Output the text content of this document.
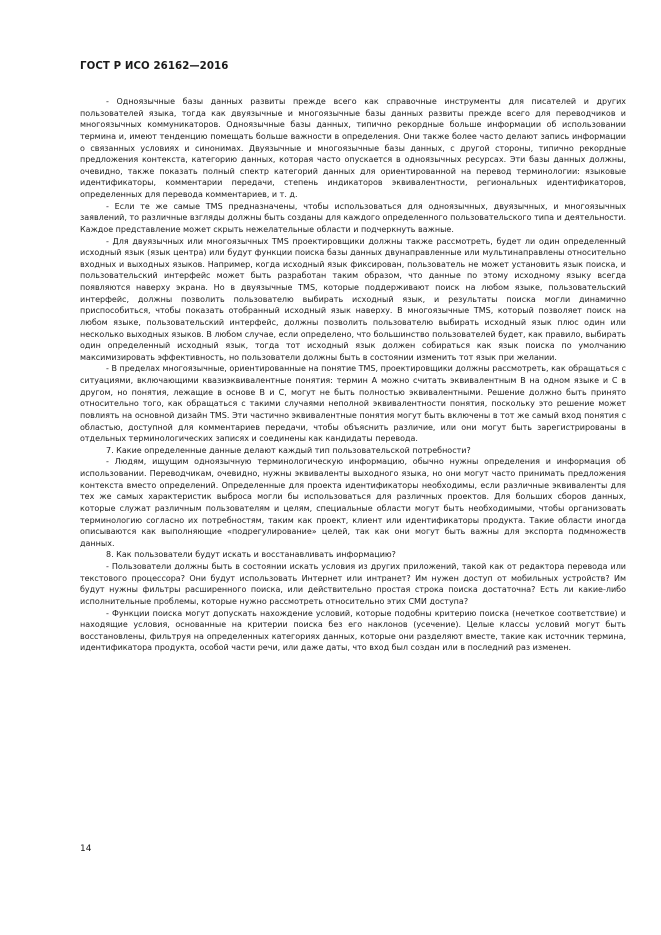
ГОСТ Р ИСО 26162—2016

- Одноязычные базы данных развиты прежде всего как справочные инструменты для писателей и других пользователей языка, тогда как двуязычные и многоязычные базы данных развиты прежде всего для переводчиков и многоязычных коммуникаторов. Одноязычные базы данных, типично рекордные больше информации об использовании термина и, имеют тенденцию помещать больше важности в определения. Они также более часто делают запись информации о связанных условиях и синонимах. Двуязычные и многоязычные базы данных, с другой стороны, типично рекордные предложения контекста, категорию данных, которая часто опускается в одноязычных ресурсах. Эти базы данных должны, очевидно, также показать полный спектр категорий данных для ориентированной на перевод терминологии: языковые идентификаторы, комментарии передачи, степень индикаторов эквивалентности, региональных идентификаторов, определенных для перевода комментариев, и т. д.

- Если те же самые TMS предназначены, чтобы использоваться для одноязычных, двуязычных, и многоязычных заявлений, то различные взгляды должны быть созданы для каждого определенного пользовательского типа и деятельности. Каждое представление может скрыть нежелательные области и подчеркнуть важные.

- Для двуязычных или многоязычных TMS проектировщики должны также рассмотреть, будет ли один определенный исходный язык (язык центра) или будут функции поиска базы данных двунаправленные или мультинаправлены относительно входных и выходных языков. Например, когда исходный язык фиксирован, пользователь не может установить язык поиска, и пользовательский интерфейс может быть разработан таким образом, что данные по этому исходному языку всегда появляются наверху экрана. Но в двуязычные TMS, которые поддерживают поиск на любом языке, пользовательский интерфейс, должны позволить пользователю выбирать исходный язык, и результаты поиска могли динамично приспособиться, чтобы показать отобранный исходный язык наверху. В многоязычные TMS, который позволяет поиск на любом языке, пользовательский интерфейс, должны позволить пользователю выбирать исходный язык плюс один или несколько выходных языков. В любом случае, если определено, что большинство пользователей будет, как правило, выбирать один определенный исходный язык, тогда тот исходный язык должен собираться как язык поиска по умолчанию максимизировать эффективность, но пользователи должны быть в состоянии изменить тот язык при желании.

- В пределах многоязычные, ориентированные на понятие TMS, проектировщики должны рассмотреть, как обращаться с ситуациями, включающими квазиэквивалентные понятия: термин А можно считать эквивалентным В на одном языке и С в другом, но понятия, лежащие в основе В и С, могут не быть полностью эквивалентными. Решение должно быть принято относительно того, как обращаться с такими случаями неполной эквивалентности понятия, поскольку это решение может повлиять на основной дизайн TMS. Эти частично эквивалентные понятия могут быть включены в тот же самый вход понятия с областью, доступной для комментариев передачи, чтобы объяснить различие, или они могут быть зарегистрированы в отдельных терминологических записях и соединены как кандидаты перевода.

7. Какие определенные данные делают каждый тип пользовательской потребности?

- Людям, ищущим одноязычную терминологическую информацию, обычно нужны определения и информация об использовании. Переводчикам, очевидно, нужны эквиваленты выходного языка, но они могут часто принимать предложения контекста вместо определений. Определенные для проекта идентификаторы необходимы, если различные эквиваленты для тех же самых характеристик выброса могли бы использоваться для различных проектов. Для больших сборов данных, которые служат различным пользователям и целям, специальные области могут быть необходимыми, чтобы организовать терминологию согласно их потребностям, таким как проект, клиент или идентификаторы продукта. Такие области иногда описываются как выполняющие «подрегулирование» целей, так как они могут быть важны для экспорта подмножеств данных.

8. Как пользователи будут искать и восстанавливать информацию?

- Пользователи должны быть в состоянии искать условия из других приложений, такой как от редактора перевода или текстового процессора? Они будут использовать Интернет или интранет? Им нужен доступ от мобильных устройств? Им будут нужны фильтры расширенного поиска, или действительно простая строка поиска достаточна? Есть ли какие-либо исполнительные проблемы, которые нужно рассмотреть относительно этих СМИ доступа?

- Функции поиска могут допускать нахождение условий, которые подобны критерию поиска (нечеткое соответствие) и находящие условия, основанные на критерии поиска без его наклонов (усечение). Целые классы условий могут быть восстановлены, фильтруя на определенных категориях данных, которые они разделяют вместе, такие как источник термина, идентификатора продукта, особой части речи, или даже даты, что вход был создан или в последний раз изменен.

14
